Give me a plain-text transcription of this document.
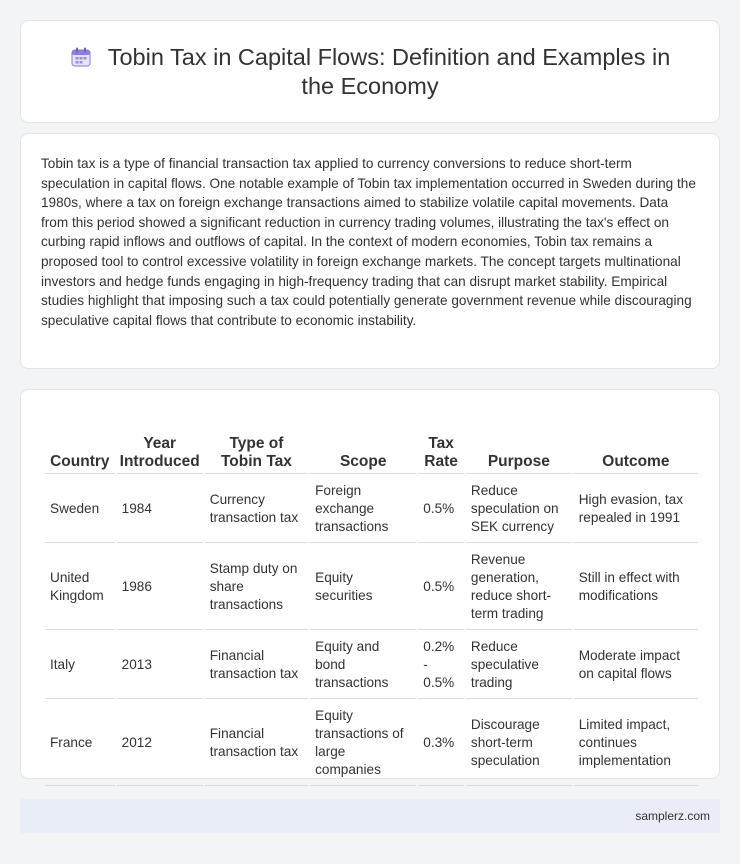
Tobin Tax in Capital Flows: Definition and Examples in the Economy

Tobin tax is a type of financial transaction tax applied to currency conversions to reduce short-term speculation in capital flows. One notable example of Tobin tax implementation occurred in Sweden during the 1980s, where a tax on foreign exchange transactions aimed to stabilize volatile capital movements. Data from this period showed a significant reduction in currency trading volumes, illustrating the tax's effect on curbing rapid inflows and outflows of capital. In the context of modern economies, Tobin tax remains a proposed tool to control excessive volatility in foreign exchange markets. The concept targets multinational investors and hedge funds engaging in high-frequency trading that can disrupt market stability. Empirical studies highlight that imposing such a tax could potentially generate government revenue while discouraging speculative capital flows that contribute to economic instability.

Country	Year Introduced	Type of Tobin Tax	Scope	Tax Rate	Purpose	Outcome
Sweden	1984	Currency transaction tax	Foreign exchange transactions	0.5%	Reduce speculation on SEK currency	High evasion, tax repealed in 1991
United Kingdom	1986	Stamp duty on share transactions	Equity securities	0.5%	Revenue generation, reduce short-term trading	Still in effect with modifications
Italy	2013	Financial transaction tax	Equity and bond transactions	0.2% - 0.5%	Reduce speculative trading	Moderate impact on capital flows
France	2012	Financial transaction tax	Equity transactions of large companies	0.3%	Discourage short-term speculation	Limited impact, continues implementation
samplerz.com
